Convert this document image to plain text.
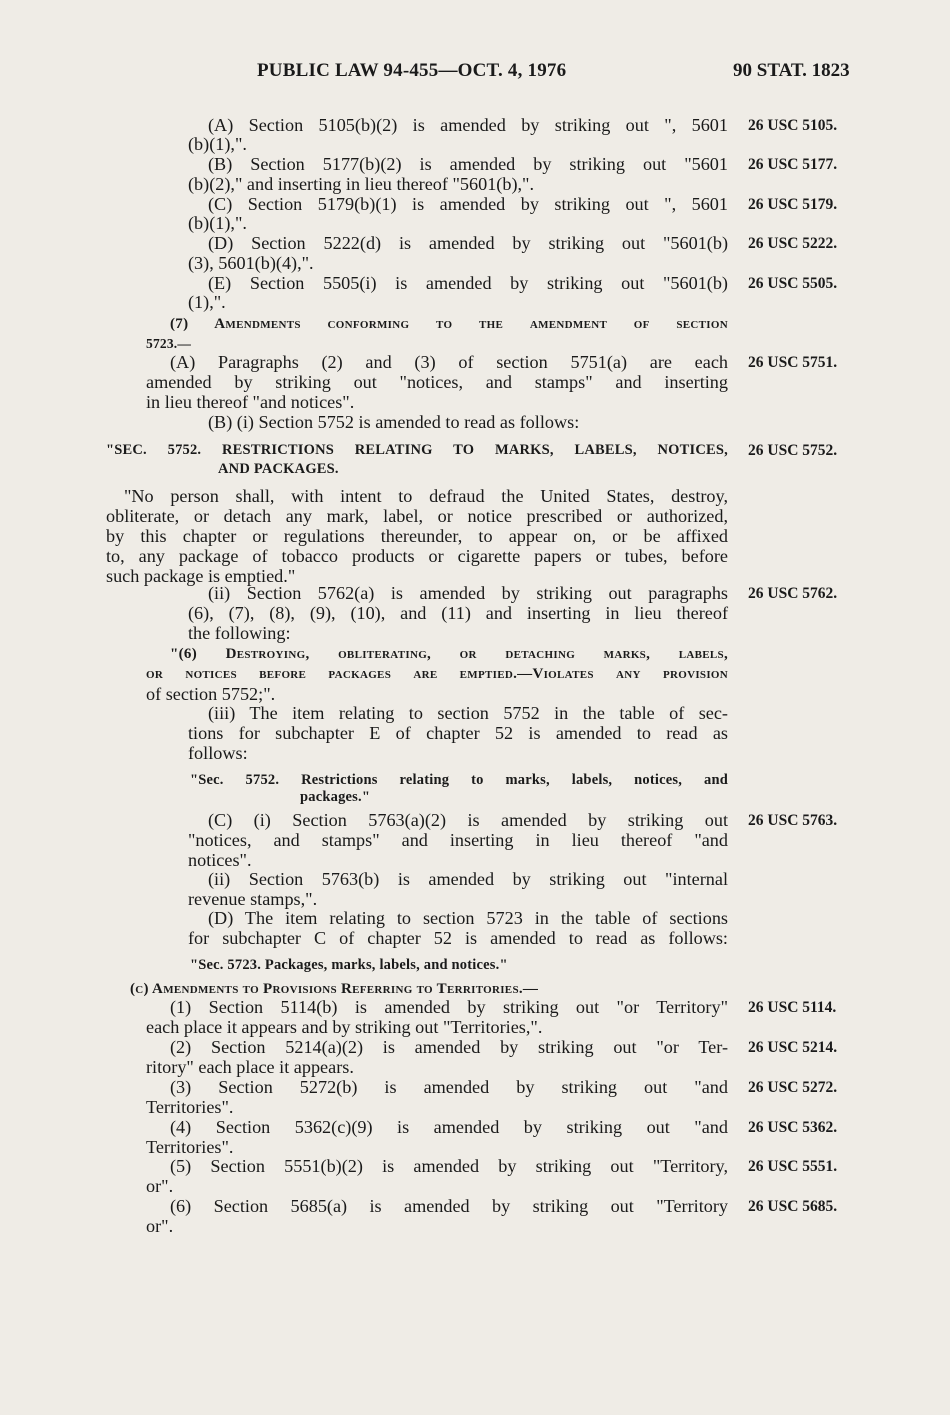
PUBLIC LAW 94-455—OCT. 4, 1976	90 STAT. 1823
(A) Section 5105(b)(2) is amended by striking out ", 5601
(b)(1),".
(B) Section 5177(b)(2) is amended by striking out "5601
(b)(2)," and inserting in lieu thereof "5601(b),".
(C) Section 5179(b)(1) is amended by striking out ", 5601
(b)(1),".
(D) Section 5222(d) is amended by striking out "5601(b)
(3), 5601(b)(4),".
(E) Section 5505(i) is amended by striking out "5601(b)
(1),".
(7) Amendments conforming to the amendment of section
5723.—
(A) Paragraphs (2) and (3) of section 5751(a) are each
amended by striking out "notices, and stamps" and inserting
in lieu thereof "and notices".
(B) (i) Section 5752 is amended to read as follows:
"SEC. 5752. RESTRICTIONS RELATING TO MARKS, LABELS, NOTICES,
AND PACKAGES.
"No person shall, with intent to defraud the United States, destroy,
obliterate, or detach any mark, label, or notice prescribed or authorized,
by this chapter or regulations thereunder, to appear on, or be affixed
to, any package of tobacco products or cigarette papers or tubes, before
such package is emptied."
(ii) Section 5762(a) is amended by striking out paragraphs
(6), (7), (8), (9), (10), and (11) and inserting in lieu thereof
the following:
"(6) Destroying, obliterating, or detaching marks, labels,
or notices before packages are emptied.—Violates any provision
of section 5752;".
(iii) The item relating to section 5752 in the table of sec-
tions for subchapter E of chapter 52 is amended to read as
follows:
"Sec. 5752. Restrictions relating to marks, labels, notices, and
packages."
(C) (i) Section 5763(a)(2) is amended by striking out
"notices, and stamps" and inserting in lieu thereof "and
notices".
(ii) Section 5763(b) is amended by striking out "internal
revenue stamps,".
(D) The item relating to section 5723 in the table of sections
for subchapter C of chapter 52 is amended to read as follows:
"Sec. 5723. Packages, marks, labels, and notices."
(c) Amendments to Provisions Referring to Territories.—
(1) Section 5114(b) is amended by striking out "or Territory"
each place it appears and by striking out "Territories,".
(2) Section 5214(a)(2) is amended by striking out "or Ter-
ritory" each place it appears.
(3) Section 5272(b) is amended by striking out "and
Territories".
(4) Section 5362(c)(9) is amended by striking out "and
Territories".
(5) Section 5551(b)(2) is amended by striking out "Territory,
or".
(6) Section 5685(a) is amended by striking out "Territory
or".
26 USC 5105.
26 USC 5177.
26 USC 5179.
26 USC 5222.
26 USC 5505.
26 USC 5751.
26 USC 5752.
26 USC 5762.
26 USC 5763.
26 USC 5114.
26 USC 5214.
26 USC 5272.
26 USC 5362.
26 USC 5551.
26 USC 5685.
